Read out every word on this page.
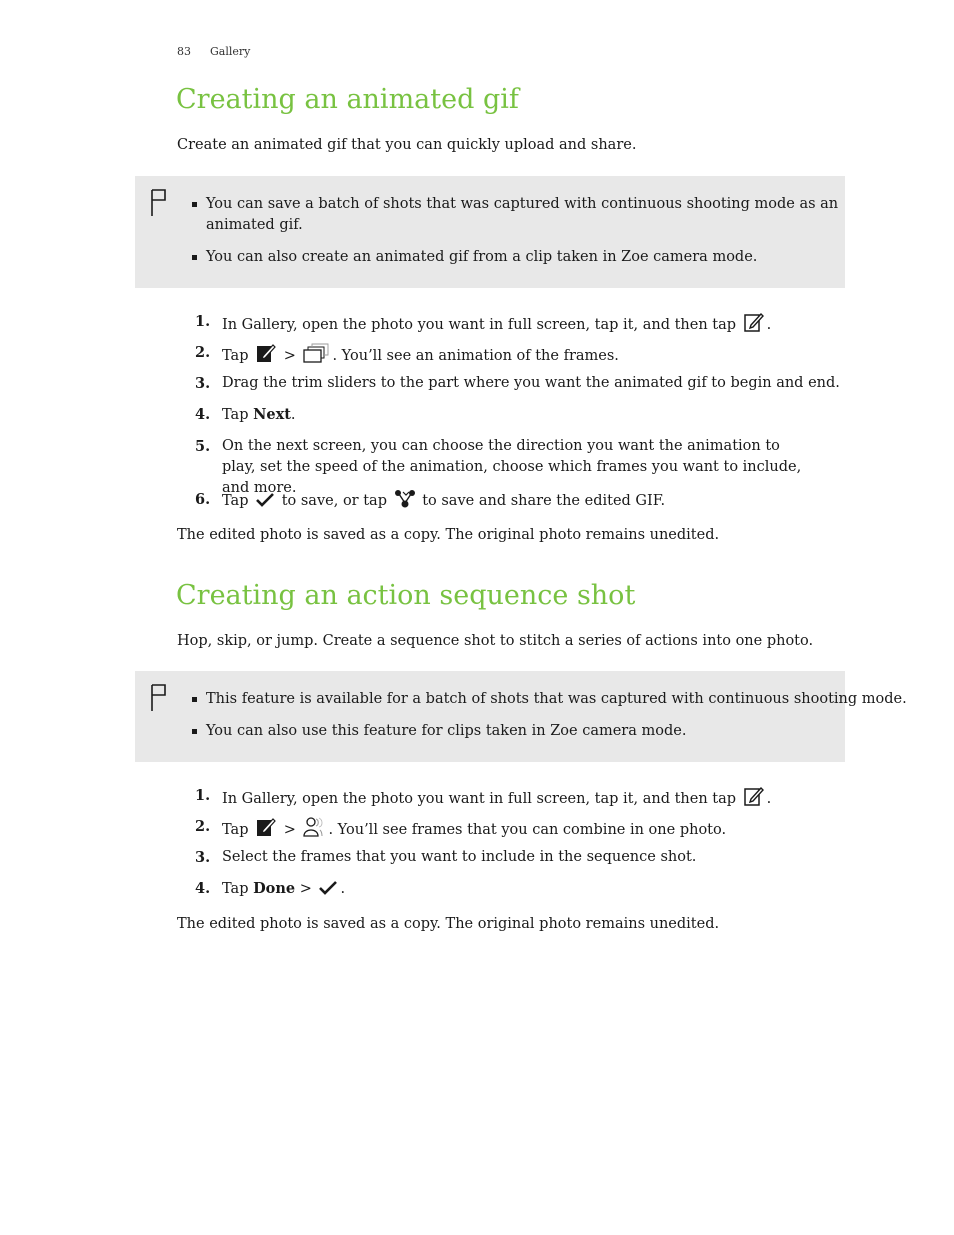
83 Gallery
Creating an animated gif
Create an animated gif that you can quickly upload and share.
You can save a batch of shots that was captured with continuous shooting mode as an animated gif.
You can also create an animated gif from a clip taken in Zoe camera mode.
1. In Gallery, open the photo you want in full screen, tap it, and then tap .
2. Tap >	. You’ll see an animation of the frames.
3. Drag the trim sliders to the part where you want the animated gif to begin and end.
4. Tap Next.
5. On the next screen, you can choose the direction you want the animation to play, set the speed of the animation, choose which frames you want to include, and more.
6. Tap to save, or tap to save and share the edited GIF.
The edited photo is saved as a copy. The original photo remains unedited.
Creating an action sequence shot
Hop, skip, or jump. Create a sequence shot to stitch a series of actions into one photo.
This feature is available for a batch of shots that was captured with continuous shooting mode.
You can also use this feature for clips taken in Zoe camera mode.
1. In Gallery, open the photo you want in full screen, tap it, and then tap .
2. Tap > . You’ll see frames that you can combine in one photo.
3. Select the frames that you want to include in the sequence shot.
4. Tap Done > .
The edited photo is saved as a copy. The original photo remains unedited.
